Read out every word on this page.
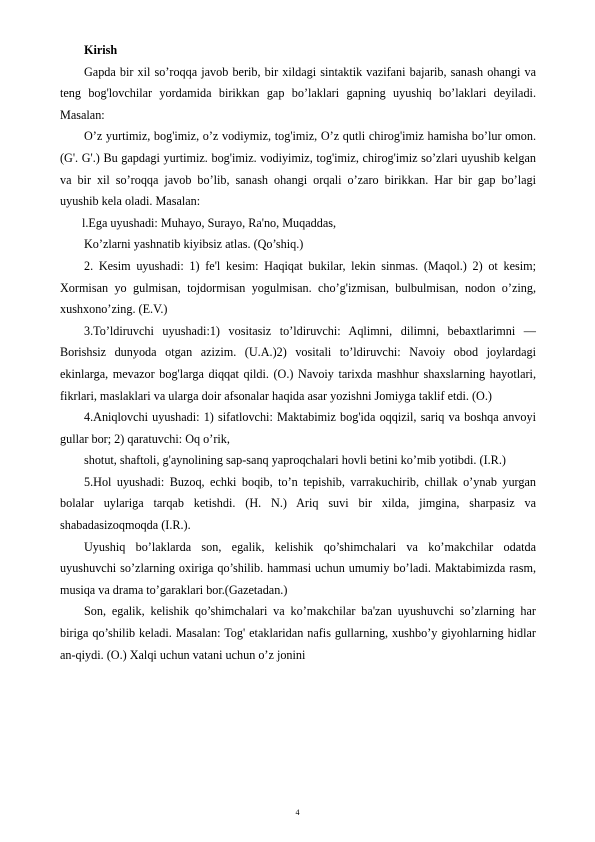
Kirish

Gapda bir xil so’roqqa javob berib, bir xildagi sintaktik vazifani bajarib, sanash ohangi va teng bog'lovchilar yordamida birikkan gap bo’laklari gapning uyushiq bo’laklari deyiladi. Masalan:

O’z yurtimiz, bog'imiz, o’z vodiymiz, tog'imiz, O’z qutli chirog'imiz hamisha bo’lur omon. (G'. G'.) Bu gapdagi yurtimiz. bog'imiz. vodiyimiz, tog'imiz, chirog'imiz so’zlari uyushib kelgan va bir xil so’roqqa javob bo’lib, sanash ohangi orqali o’zaro birikkan. Har bir gap bo’lagi uyushib kela oladi. Masalan:

l.Ega uyushadi: Muhayo, Surayo, Ra'no, Muqaddas,

Ko’zlarni yashnatib kiyibsiz atlas. (Qo’shiq.)

2. Kesim uyushadi: 1) fe'l kesim: Haqiqat bukilar, lekin sinmas. (Maqol.) 2) ot kesim; Xormisan yo gulmisan, tojdormisan yogulmisan. cho’g'izmisan, bulbulmisan, nodon o’zing, xushxono’zing. (E.V.)

3.To’ldiruvchi uyushadi:1) vositasiz to’ldiruvchi: Aqlimni, dilimni, bebaxtlarimni —Borishsiz dunyoda otgan azizim. (U.A.)2) vositali to’ldiruvchi: Navoiy obod joylardagi ekinlarga, mevazor bog'larga diqqat qildi. (O.) Navoiy tarixda mashhur shaxslarning hayotlari, fikrlari, maslaklari va ularga doir afsonalar haqida asar yozishni Jomiyga taklif etdi. (O.)

4.Aniqlovchi uyushadi: 1) sifatlovchi: Maktabimiz bog'ida oqqizil, sariq va boshqa anvoyi gullar bor; 2) qaratuvchi: Oq o’rik,

shotut, shaftoli, g'aynolining sap-sanq yaproqchalari hovli betini ko’mib yotibdi. (I.R.)

5.Hol uyushadi: Buzoq, echki boqib, to’n tepishib, varrakuchirib, chillak o’ynab yurgan bolalar uylariga tarqab ketishdi. (H. N.) Ariq suvi bir xilda, jimgina, sharpasiz va shabadasizoqmoqda (I.R.).

Uyushiq bo’laklarda son, egalik, kelishik qo’shimchalari va ko’makchilar odatda uyushuvchi so’zlarning oxiriga qo’shilib. hammasi uchun umumiy bo’ladi. Maktabimizda rasm, musiqa va drama to’garaklari bor.(Gazetadan.)

Son, egalik, kelishik qo’shimchalari va ko’makchilar ba'zan uyushuvchi so’zlarning har biriga qo’shilib keladi. Masalan: Tog' etaklaridan nafis gullarning, xushbo’y giyohlarning hidlar an-qiydi. (O.) Xalqi uchun vatani uchun o’z jonini

4
